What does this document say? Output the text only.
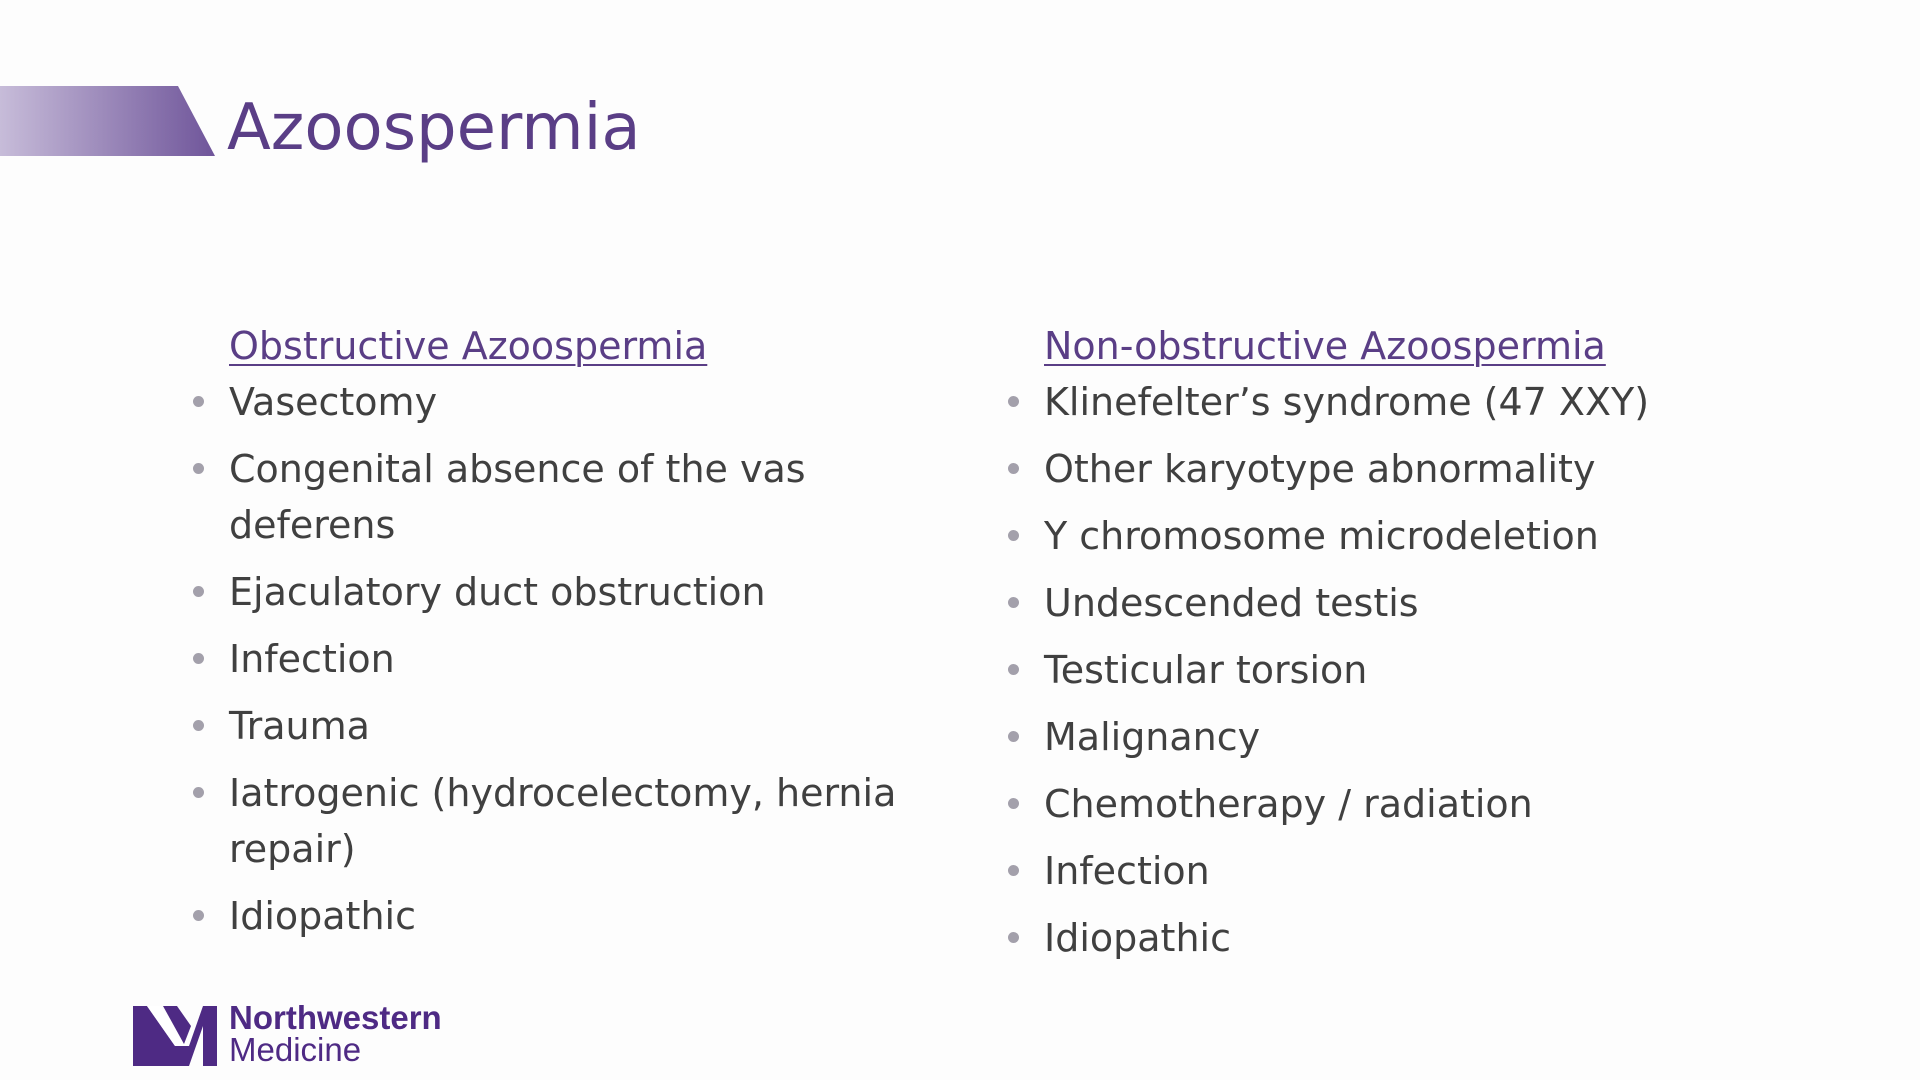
Azoospermia
Obstructive Azoospermia
Vasectomy
Congenital absence of the vas deferens
Ejaculatory duct obstruction
Infection
Trauma
Iatrogenic (hydrocelectomy, hernia repair)
Idiopathic
Non-obstructive Azoospermia
Klinefelter’s syndrome (47 XXY)
Other karyotype abnormality
Y chromosome microdeletion
Undescended testis
Testicular torsion
Malignancy
Chemotherapy / radiation
Infection
Idiopathic
Northwestern
Medicine
